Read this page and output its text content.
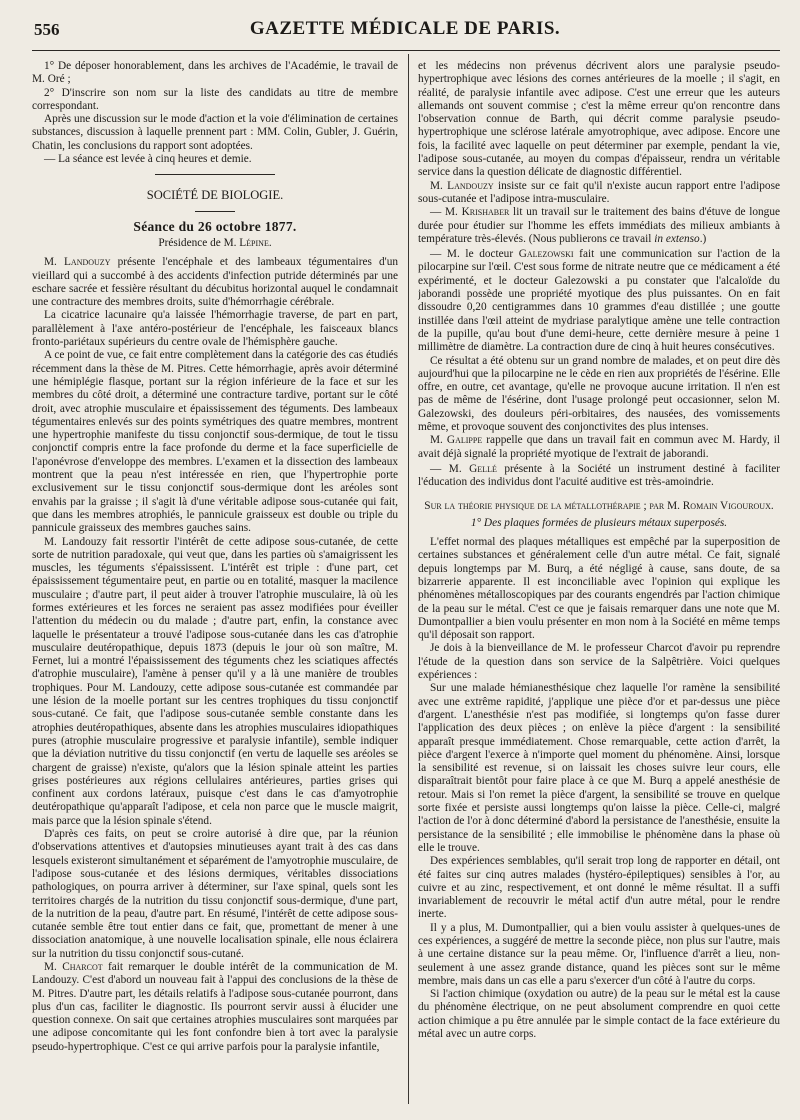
556	GAZETTE MÉDICALE DE PARIS.

1° De déposer honorablement, dans les archives de l'Académie, le travail de M. Oré ;

2° D'inscrire son nom sur la liste des candidats au titre de membre correspondant.

Après une discussion sur le mode d'action et la voie d'élimination de certaines substances, discussion à laquelle prennent part : MM. Colin, Gubler, J. Guérin, Chatin, les conclusions du rapport sont adoptées.

— La séance est levée à cinq heures et demie.

SOCIÉTÉ DE BIOLOGIE.

Séance du 26 octobre 1877.

Présidence de M. Lépine.

M. Landouzy présente l'encéphale et des lambeaux tégumentaires d'un vieillard qui a succombé à des accidents d'infection putride déterminés par une eschare sacrée et fessière résultant du décubitus horizontal auquel le condamnait une contracture des membres droits, suite d'hémorrhagie cérébrale.

La cicatrice lacunaire qu'a laissée l'hémorrhagie traverse, de part en part, parallèlement à l'axe antéro-postérieur de l'encéphale, les faisceaux blancs fronto-pariétaux supérieurs du centre ovale de l'hémisphère gauche.

A ce point de vue, ce fait entre complètement dans la catégorie des cas étudiés récemment dans la thèse de M. Pitres. Cette hémorrhagie, après avoir déterminé une hémiplégie flasque, portant sur la région inférieure de la face et sur les membres du côté droit, a déterminé une contracture tardive, portant sur le côté droit, avec atrophie musculaire et épaississement des téguments. Des lambeaux tégumentaires enlevés sur des points symétriques des quatre membres, montrent une hypertrophie manifeste du tissu conjonctif sous-dermique, de tout le tissu conjonctif compris entre la face profonde du derme et la face superficielle de l'aponévrose d'enveloppe des membres. L'examen et la dissection des lambeaux montrent que la peau n'est intéressée en rien, que l'hypertrophie porte exclusivement sur le tissu conjonctif sous-dermique dont les aréoles sont envahis par la graisse ; il s'agit là d'une véritable adipose sous-cutanée qui fait, que dans les membres atrophiés, le pannicule graisseux est double ou triple du pannicule graisseux des membres gauches sains.

M. Landouzy fait ressortir l'intérêt de cette adipose sous-cutanée, de cette sorte de nutrition paradoxale, qui veut que, dans les parties où s'amaigrissent les muscles, les téguments s'épaississent. L'intérêt est triple : d'une part, cet épaississement tégumentaire peut, en partie ou en totalité, masquer la macilence musculaire ; d'autre part, il peut aider à trouver l'atrophie musculaire, là où les formes extérieures et les forces ne seraient pas assez modifiées pour éveiller l'attention du médecin ou du malade ; d'autre part, enfin, la constance avec laquelle le présentateur a trouvé l'adipose sous-cutanée dans les cas d'atrophie musculaire deutéropathique, depuis 1873 (depuis le jour où son maître, M. Fernet, lui a montré l'épaississement des téguments chez les sciatiques affectés d'atrophie musculaire), l'amène à penser qu'il y a là une manière de troubles trophiques. Pour M. Landouzy, cette adipose sous-cutanée est commandée par une lésion de la moelle portant sur les centres trophiques du tissu conjonctif sous-cutané. Ce fait, que l'adipose sous-cutanée semble constante dans les atrophies deutéropathiques, absente dans les atrophies musculaires idiopathiques pures (atrophie musculaire progressive et paralysie infantile), semble indiquer que la déviation nutritive du tissu conjonctif (en vertu de laquelle ses aréoles se chargent de graisse) n'existe, qu'alors que la lésion spinale atteint les parties grises postérieures aux régions cellulaires antérieures, parties grises qui confinent aux cordons latéraux, puisque c'est dans le cas d'amyotrophie deutéropathique qu'apparaît l'adipose, et cela non parce que le muscle maigrit, mais parce que la lésion spinale s'étend.

D'après ces faits, on peut se croire autorisé à dire que, par la réunion d'observations attentives et d'autopsies minutieuses ayant trait à des cas dans lesquels existeront simultanément et séparément de l'amyotrophie musculaire, de l'adipose sous-cutanée et des lésions dermiques, véritables dissociations pathologiques, on pourra arriver à déterminer, sur l'axe spinal, quels sont les territoires chargés de la nutrition du tissu conjonctif sous-dermique, d'une part, de la nutrition de la peau, d'autre part. En résumé, l'intérêt de cette adipose sous-cutanée semble être tout entier dans ce fait, que, promettant de mener à une dissociation anatomique, à une nouvelle localisation spinale, elle nous éclairera sur la nutrition du tissu conjonctif sous-cutané.

M. Charcot fait remarquer le double intérêt de la communication de M. Landouzy. C'est d'abord un nouveau fait à l'appui des conclusions de la thèse de M. Pitres. D'autre part, les détails relatifs à l'adipose sous-cutanée pourront, dans plus d'un cas, faciliter le diagnostic. Ils pourront servir aussi à élucider une question connexe. On sait que certaines atrophies musculaires sont marquées par une adipose concomitante qui les font confondre bien à tort avec la paralysie pseudo-hypertrophique. C'est ce qui arrive parfois pour la paralysie infantile,

et les médecins non prévenus décrivent alors une paralysie pseudo-hypertrophique avec lésions des cornes antérieures de la moelle ; il s'agit, en réalité, de paralysie infantile avec adipose. C'est une erreur que les auteurs allemands ont souvent commise ; c'est la même erreur qu'on rencontre dans l'observation connue de Barth, qui décrit comme paralysie pseudo-hypertrophique une sclérose latérale amyotrophique, avec adipose. Encore une fois, la facilité avec laquelle on peut déterminer par exemple, pendant la vie, l'adipose sous-cutanée, au moyen du compas d'épaisseur, rendra un véritable service dans la question délicate de diagnostic différentiel.

M. Landouzy insiste sur ce fait qu'il n'existe aucun rapport entre l'adipose sous-cutanée et l'adipose intra-musculaire.

— M. Krishaber lit un travail sur le traitement des bains d'étuve de longue durée pour étudier sur l'homme les effets immédiats des milieux ambiants à température très-élevés. (Nous publierons ce travail in extenso.)

— M. le docteur Galezowski fait une communication sur l'action de la pilocarpine sur l'œil. C'est sous forme de nitrate neutre que ce médicament a été expérimenté, et le docteur Galezowski a pu constater que l'alcaloïde du jaborandi possède une propriété myotique des plus puissantes. On en fait dissoudre 0,20 centigrammes dans 10 grammes d'eau distillée ; une goutte instillée dans l'œil atteint de mydriase paralytique amène une telle contraction de la pupille, qu'au bout d'une demi-heure, cette dernière mesure à peine 1 millimètre de diamètre. La contraction dure de cinq à huit heures consécutives.

Ce résultat a été obtenu sur un grand nombre de malades, et on peut dire dès aujourd'hui que la pilocarpine ne le cède en rien aux propriétés de l'ésérine. Elle offre, en outre, cet avantage, qu'elle ne provoque aucune irritation. Il n'en est pas de même de l'ésérine, dont l'usage prolongé peut occasionner, selon M. Galezowski, des douleurs péri-orbitaires, des nausées, des vomissements même, et provoque souvent des conjonctivites des plus intenses.

M. Galippe rappelle que dans un travail fait en commun avec M. Hardy, il avait déjà signalé la propriété myotique de l'extrait de jaborandi.

— M. Gellé présente à la Société un instrument destiné à faciliter l'éducation des individus dont l'acuité auditive est très-amoindrie.

Sur la théorie physique de la métallothérapie ; par M. Romain Vigouroux.

1° Des plaques formées de plusieurs métaux superposés.

L'effet normal des plaques métalliques est empêché par la superposition de certaines substances et généralement celle d'un autre métal. Ce fait, signalé depuis longtemps par M. Burq, a été négligé à cause, sans doute, de sa bizarrerie apparente. Il est inconciliable avec l'opinion qui explique les phénomènes métalloscopiques par des courants engendrés par l'action chimique de la peau sur le métal. C'est ce que je faisais remarquer dans une note que M. Dumontpallier a bien voulu présenter en mon nom à la Société en même temps qu'il déposait son rapport.

Je dois à la bienveillance de M. le professeur Charcot d'avoir pu reprendre l'étude de la question dans son service de la Salpêtrière. Voici quelques expériences :

Sur une malade hémianesthésique chez laquelle l'or ramène la sensibilité avec une extrême rapidité, j'applique une pièce d'or et par-dessus une pièce d'argent. L'anesthésie n'est pas modifiée, si longtemps qu'on fasse durer l'application des deux pièces ; on enlève la pièce d'argent : la sensibilité apparaît presque immédiatement. Chose remarquable, cette action d'arrêt, la pièce d'argent l'exerce à n'importe quel moment du phénomène. Ainsi, lorsque la sensibilité est revenue, si on laissait les choses suivre leur cours, elle disparaîtrait bientôt pour faire place à ce que M. Burq a appelé anesthésie de retour. Mais si l'on remet la pièce d'argent, la sensibilité se trouve en quelque sorte fixée et persiste aussi longtemps qu'on laisse la pièce. Celle-ci, malgré l'action de l'or à donc déterminé d'abord la persistance de l'anesthésie, ensuite la persistance de la sensibilité ; elle immobilise le phénomène dans la phase où elle le trouve.

Des expériences semblables, qu'il serait trop long de rapporter en détail, ont été faites sur cinq autres malades (hystéro-épileptiques) sensibles à l'or, au cuivre et au zinc, respectivement, et ont donné le même résultat. Il a suffi invariablement de recouvrir le métal actif d'un autre métal, pour le rendre inerte.

Il y a plus, M. Dumontpallier, qui a bien voulu assister à quelques-unes de ces expériences, a suggéré de mettre la seconde pièce, non plus sur l'autre, mais à une certaine distance sur la peau même. Or, l'influence d'arrêt a lieu, non-seulement à une assez grande distance, quand les pièces sont sur le même membre, mais dans un cas elle a paru s'exercer d'un côté à l'autre du corps.

Si l'action chimique (oxydation ou autre) de la peau sur le métal est la cause du phénomène électrique, on ne peut absolument comprendre en quoi cette action chimique a pu être annulée par le simple contact de la face extérieure du métal avec un autre corps.
